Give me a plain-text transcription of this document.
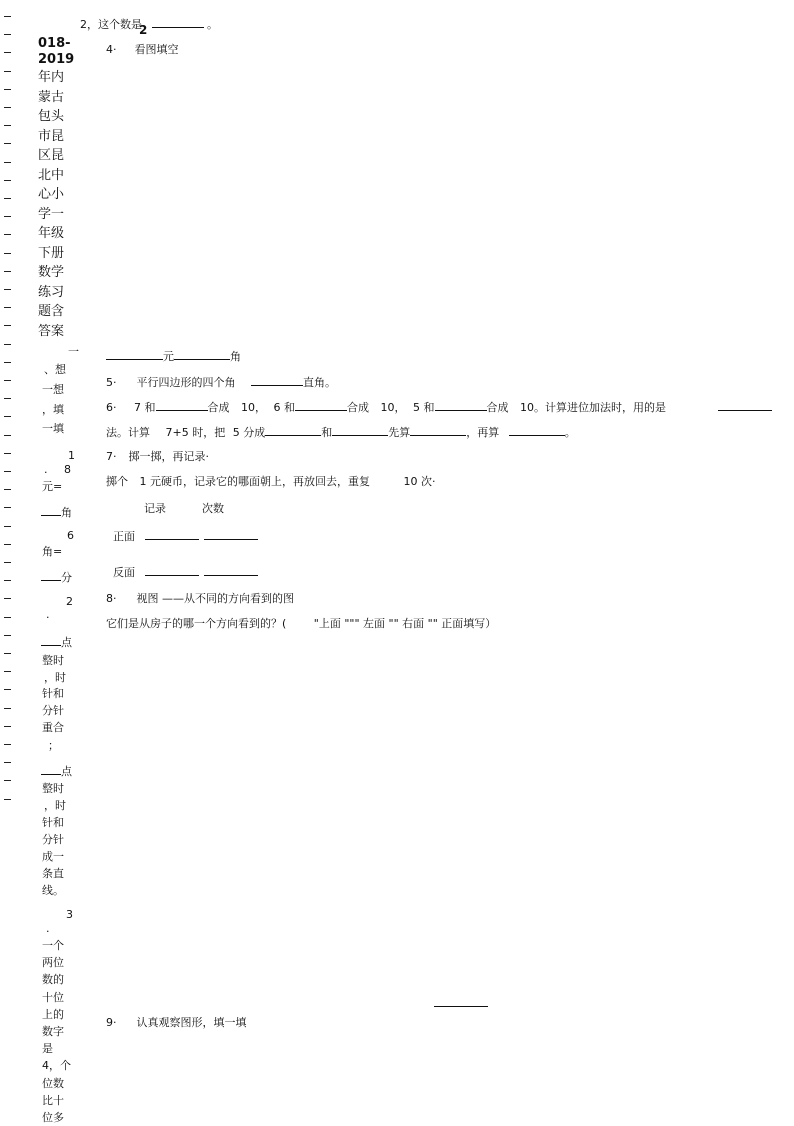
018-
2019
年内
蒙古
包头
市昆
区昆
北中
心小
学一
年级
下册
数学
练习
题含
答案
一
、想
一想
，填
一填
1
· 8
元=
角
6
角=
分
2
·
点
整时
，时
针和
分针
重合
；
点
整时
，时
针和
分针
成一
条直
线。
3
·
一个
两位
数的
十位
上的
数字
是
4，个
位数
比十
位多
2，这个数是	。
2
4· 看图填空
元	角
5· 平行四边形的四个角	直角。
6· 7 和	合成 10， 6 和	合成 10， 5 和	合成 10。计算进位加法时，用的是
法。计算 7+5 时，把 5 分成	和	先算	，再算	。
7· 掷一掷，再记录·
掷个 1 元硬币，记录它的哪面朝上，再放回去，重复	10 次·
记录	次数
正面
反面
8· 视图 ——从不同的方向看到的图
它们是从房子的哪一个方向看到的？(	"上面 """ 左面 "" 右面 "" 正面填写）
9· 认真观察图形，填一填
